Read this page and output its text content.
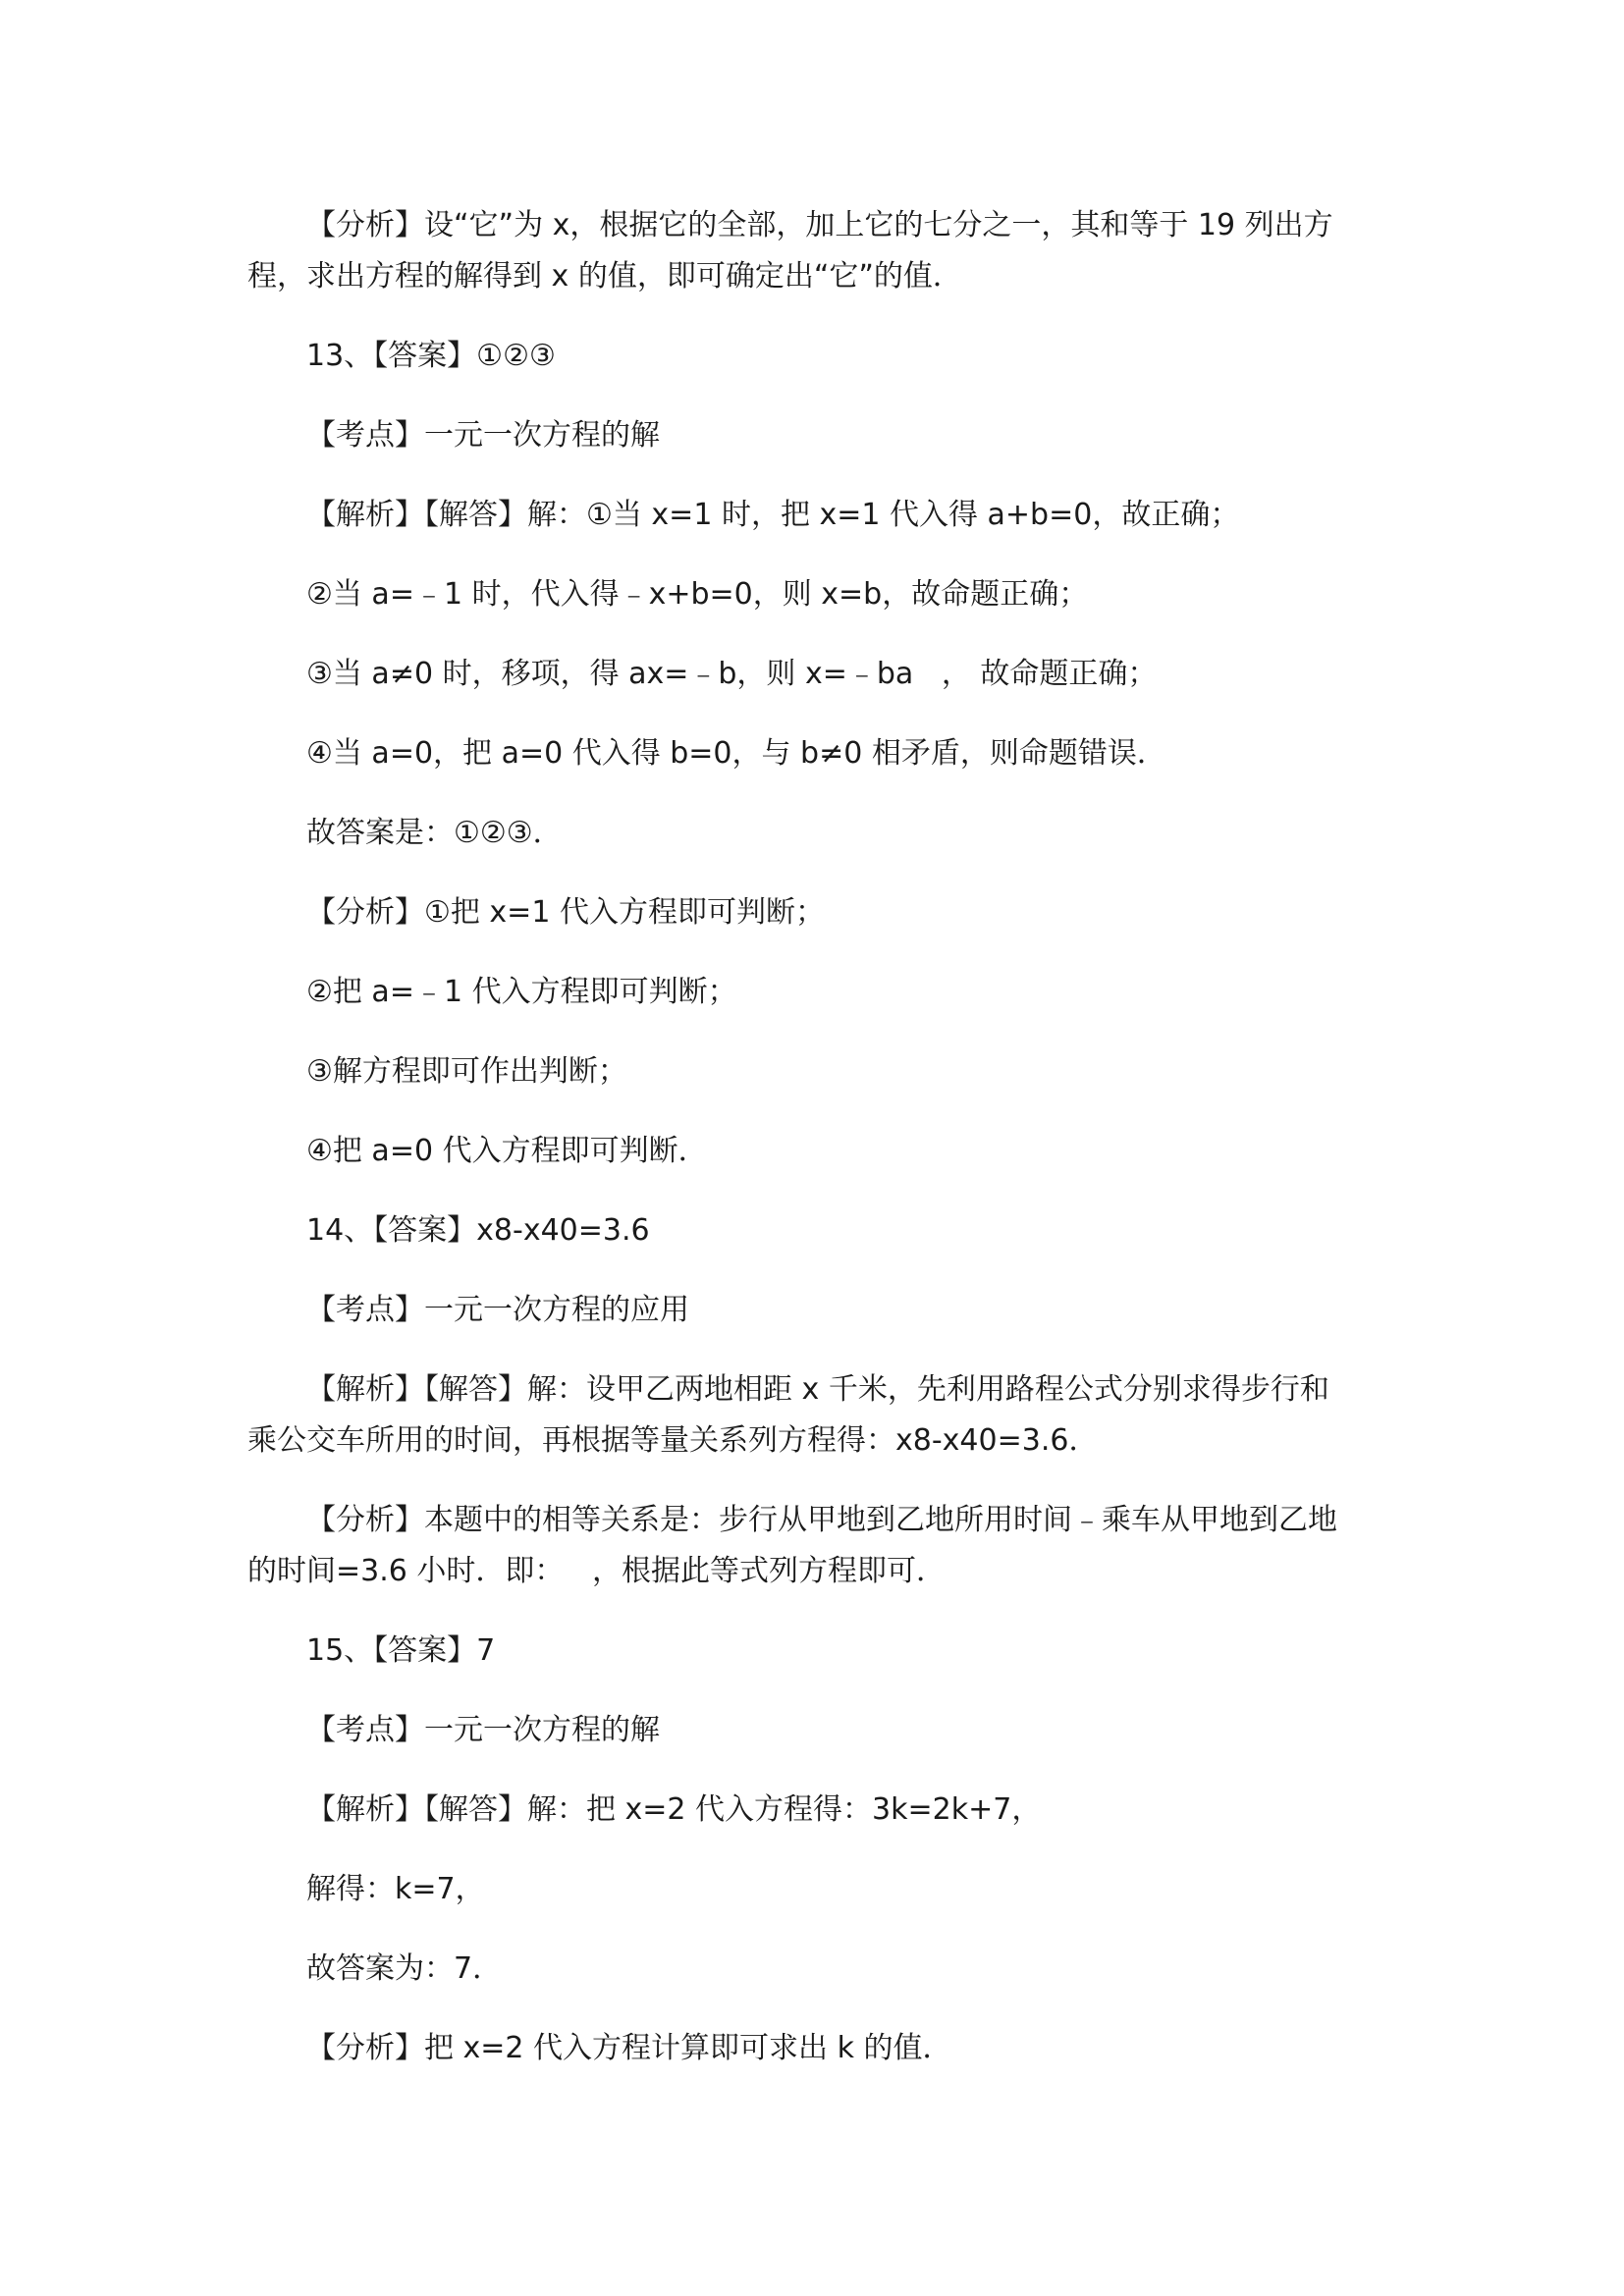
【分析】设“它”为 x，根据它的全部，加上它的七分之一，其和等于 19 列出方

程，求出方程的解得到 x 的值，即可确定出“它”的值．

13、【答案】①②③

【考点】一元一次方程的解

【解析】【解答】解：①当 x=1 时，把 x=1 代入得 a+b=0，故正确；

②当 a=﹣1 时，代入得﹣x+b=0，则 x=b，故命题正确；

③当 a≠0 时，移项，得 ax=﹣b，则 x=﹣ba   ， 故命题正确；

④当 a=0，把 a=0 代入得 b=0，与 b≠0 相矛盾，则命题错误．

故答案是：①②③．

【分析】①把 x=1 代入方程即可判断；

②把 a=﹣1 代入方程即可判断；

③解方程即可作出判断；

④把 a=0 代入方程即可判断．

14、【答案】x8-x40=3.6

【考点】一元一次方程的应用

【解析】【解答】解：设甲乙两地相距 x 千米，先利用路程公式分别求得步行和

乘公交车所用的时间，再根据等量关系列方程得：x8-x40=3.6．

【分析】本题中的相等关系是：步行从甲地到乙地所用时间﹣乘车从甲地到乙地

的时间=3.6 小时．即：   ，根据此等式列方程即可．

15、【答案】7

【考点】一元一次方程的解

【解析】【解答】解：把 x=2 代入方程得：3k=2k+7，

解得：k=7，

故答案为：7．

【分析】把 x=2 代入方程计算即可求出 k 的值．
